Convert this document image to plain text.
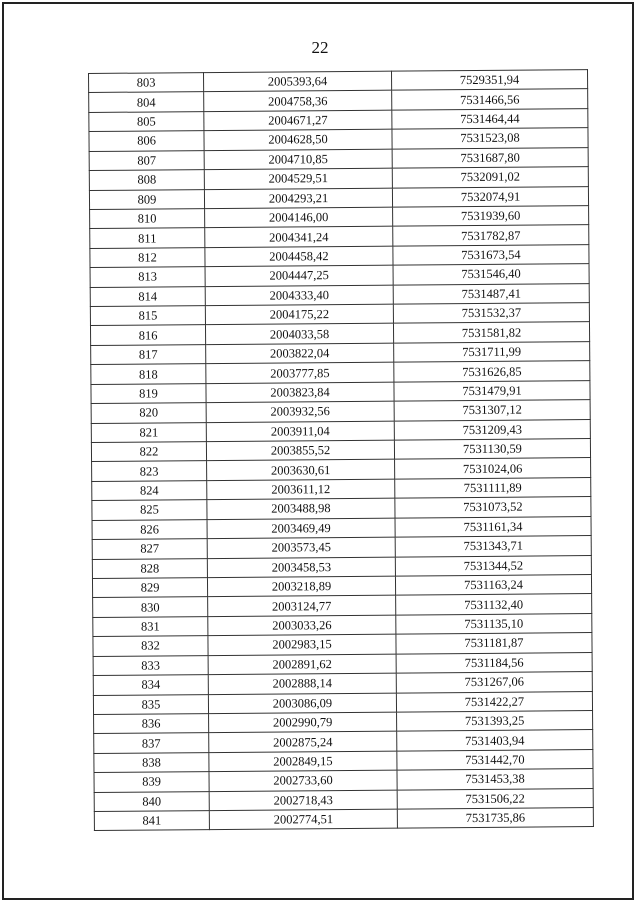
22
803	2005393,64	7529351,94
804	2004758,36	7531466,56
805	2004671,27	7531464,44
806	2004628,50	7531523,08
807	2004710,85	7531687,80
808	2004529,51	7532091,02
809	2004293,21	7532074,91
810	2004146,00	7531939,60
811	2004341,24	7531782,87
812	2004458,42	7531673,54
813	2004447,25	7531546,40
814	2004333,40	7531487,41
815	2004175,22	7531532,37
816	2004033,58	7531581,82
817	2003822,04	7531711,99
818	2003777,85	7531626,85
819	2003823,84	7531479,91
820	2003932,56	7531307,12
821	2003911,04	7531209,43
822	2003855,52	7531130,59
823	2003630,61	7531024,06
824	2003611,12	7531111,89
825	2003488,98	7531073,52
826	2003469,49	7531161,34
827	2003573,45	7531343,71
828	2003458,53	7531344,52
829	2003218,89	7531163,24
830	2003124,77	7531132,40
831	2003033,26	7531135,10
832	2002983,15	7531181,87
833	2002891,62	7531184,56
834	2002888,14	7531267,06
835	2003086,09	7531422,27
836	2002990,79	7531393,25
837	2002875,24	7531403,94
838	2002849,15	7531442,70
839	2002733,60	7531453,38
840	2002718,43	7531506,22
841	2002774,51	7531735,86
